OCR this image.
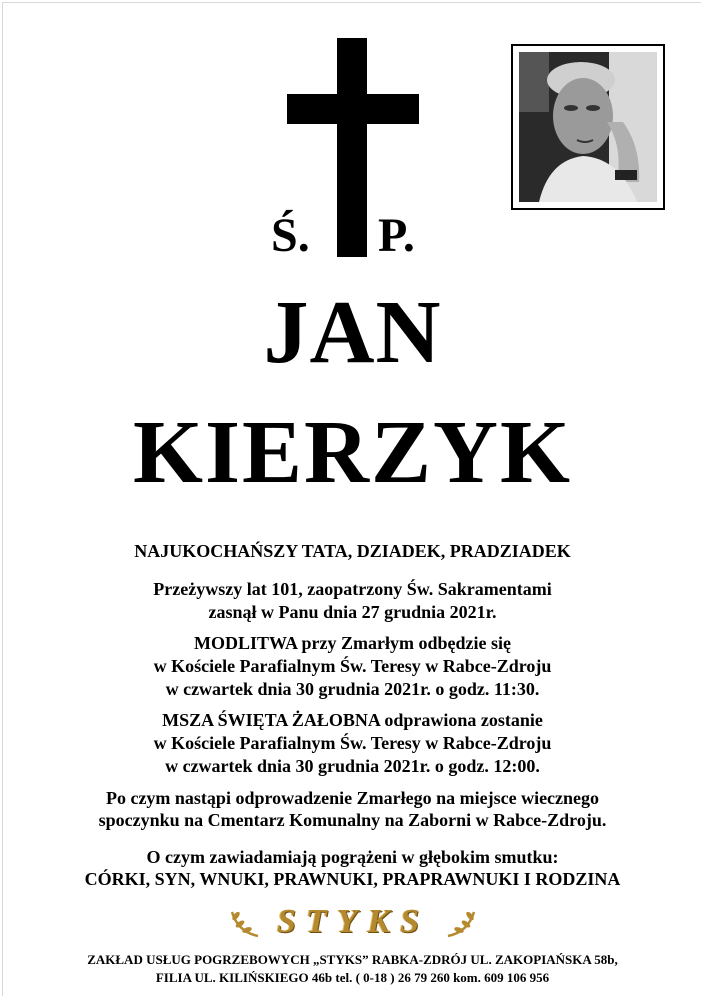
Ś. P.
JAN
KIERZYK
NAJUKOCHAŃSZY TATA, DZIADEK, PRADZIADEK
Przeżywszy lat 101, zaopatrzony Św. Sakramentami
zasnął w Panu dnia 27 grudnia 2021r.
MODLITWA przy Zmarłym odbędzie się
w Kościele Parafialnym Św. Teresy w Rabce-Zdroju
w czwartek dnia 30 grudnia 2021r. o godz. 11:30.
MSZA ŚWIĘTA ŻAŁOBNA odprawiona zostanie
w Kościele Parafialnym Św. Teresy w Rabce-Zdroju
w czwartek dnia 30 grudnia 2021r. o godz. 12:00.
Po czym nastąpi odprowadzenie Zmarłego na miejsce wiecznego
spoczynku na Cmentarz Komunalny na Zaborni w Rabce-Zdroju.
O czym zawiadamiają pogrążeni w głębokim smutku:
CÓRKI, SYN, WNUKI, PRAWNUKI, PRAPRAWNUKI I RODZINA
STYKS
ZAKŁAD USŁUG POGRZEBOWYCH „STYKS” RABKA-ZDRÓJ UL. ZAKOPIAŃSKA 58b,
FILIA UL. KILIŃSKIEGO 46b tel. ( 0-18 ) 26 79 260 kom. 609 106 956
